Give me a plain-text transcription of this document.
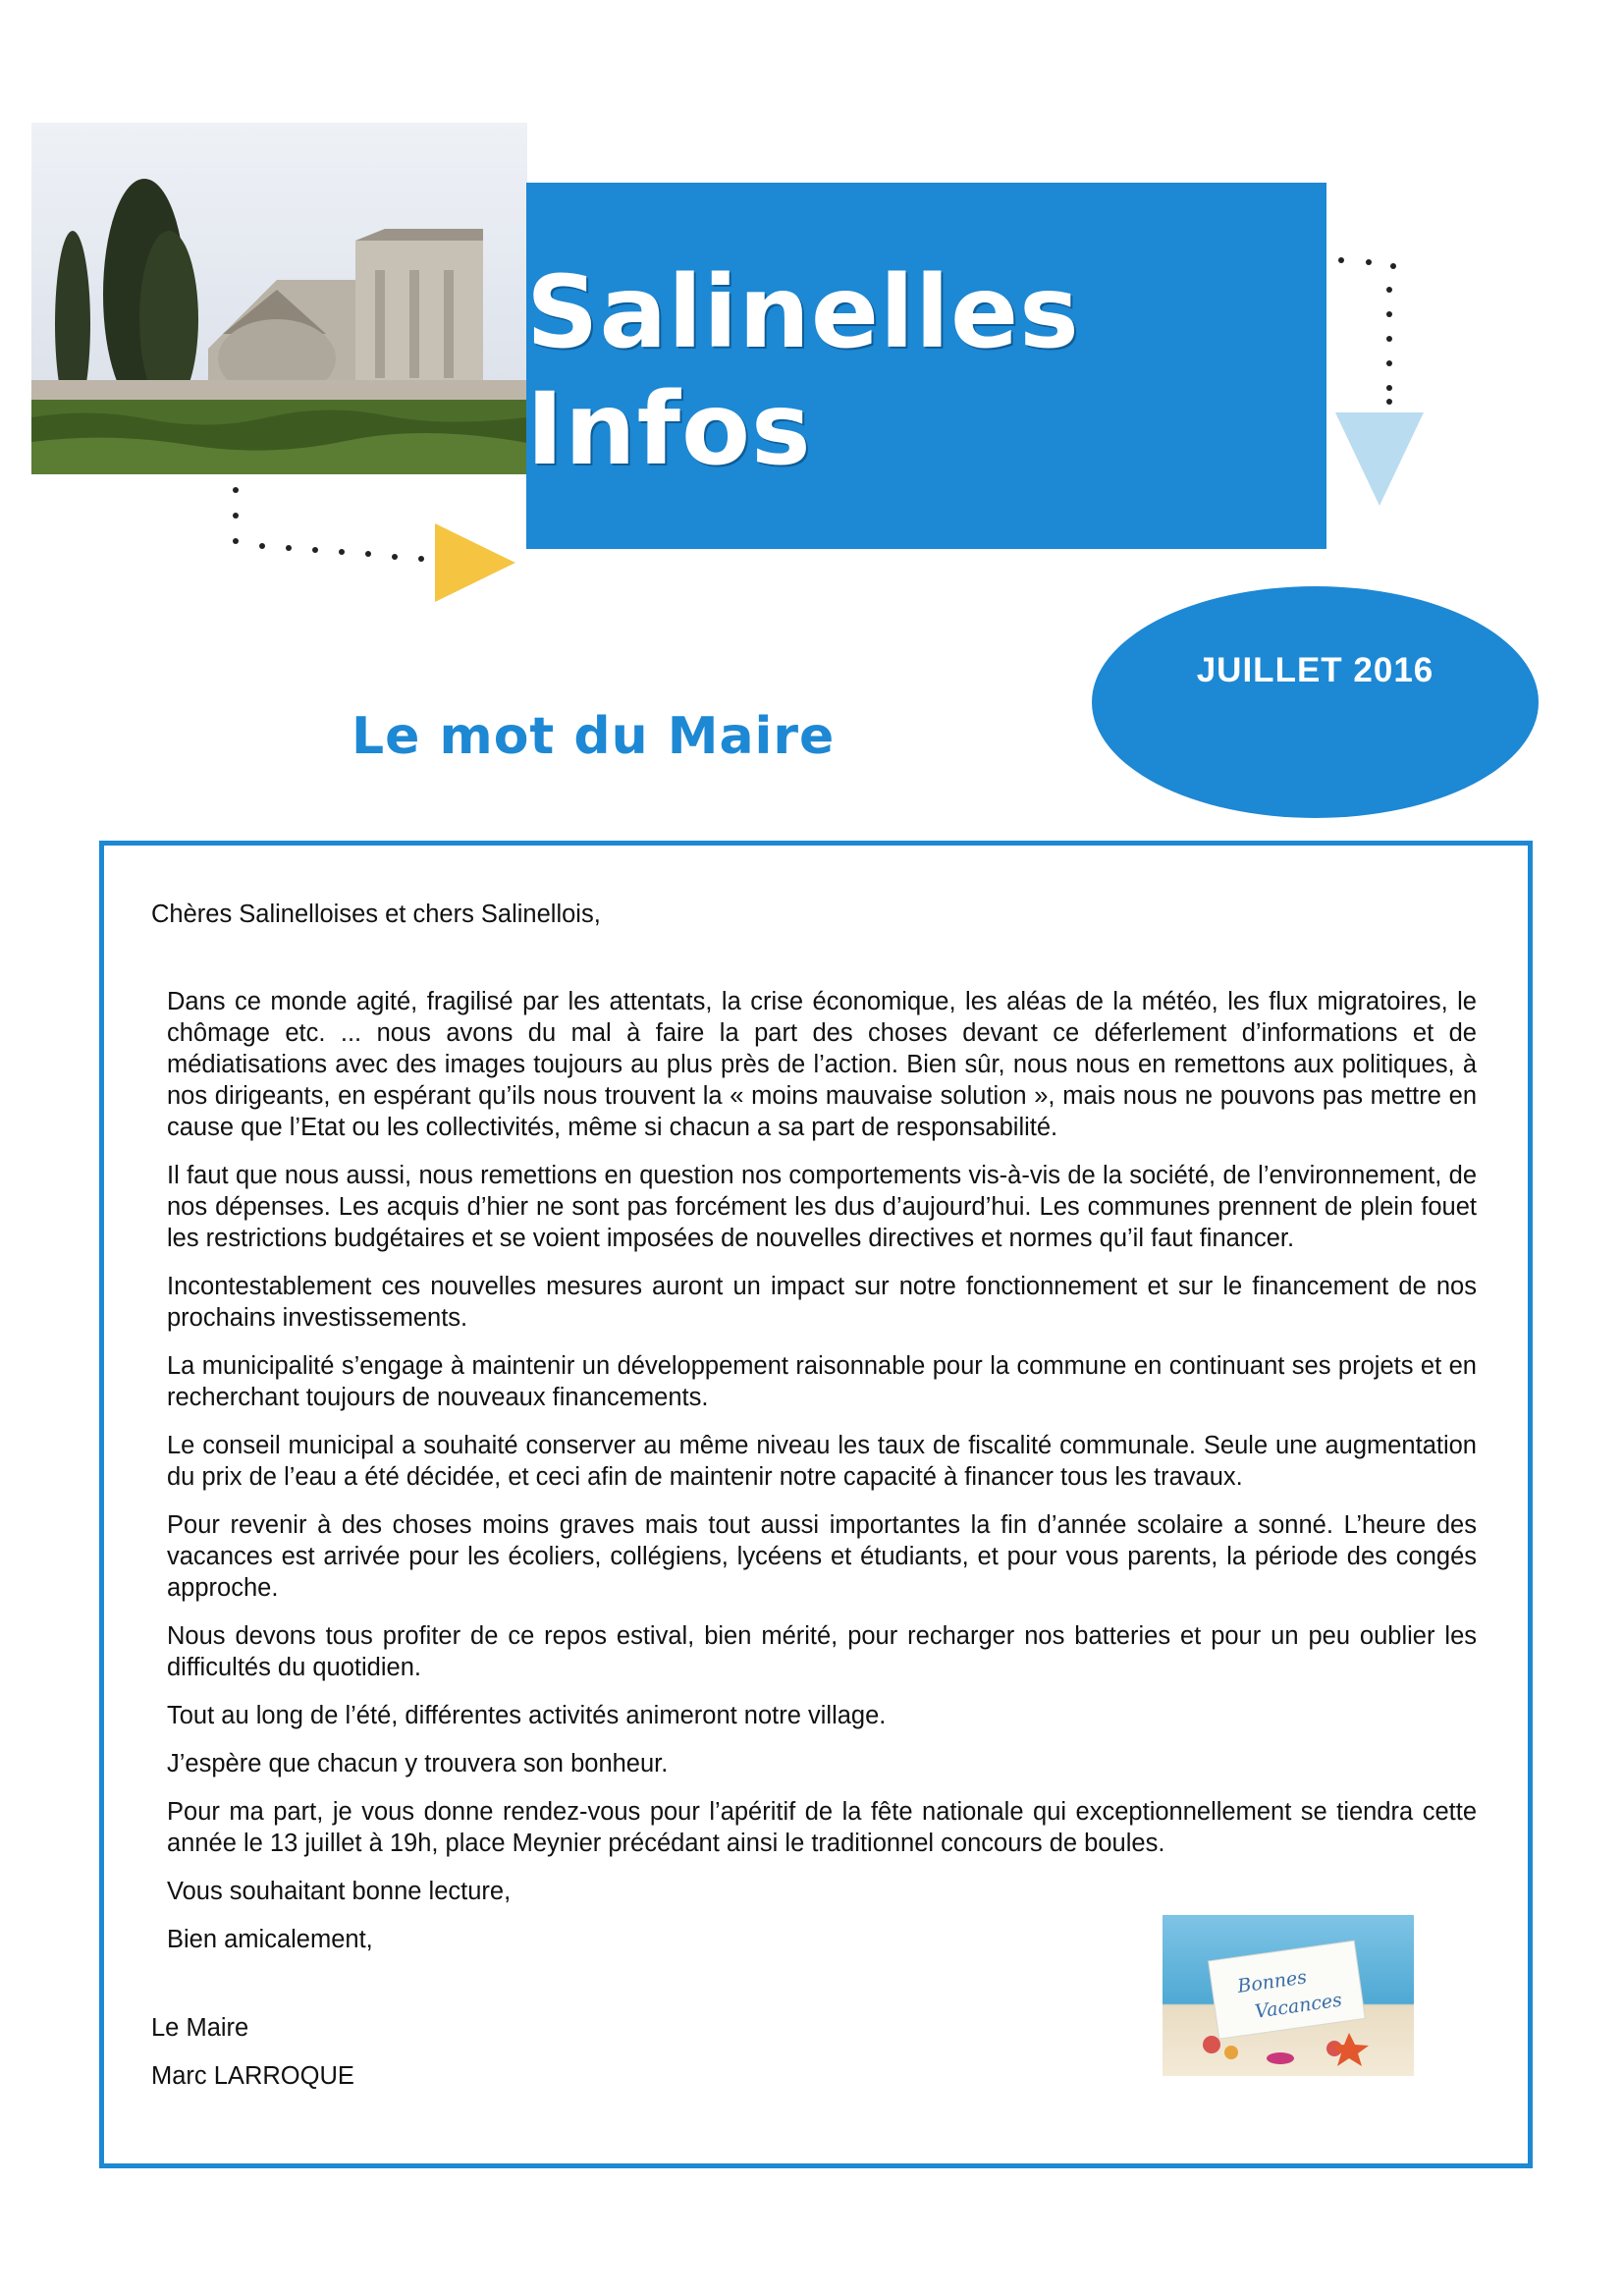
Salinelles Infos
JUILLET 2016
Le mot du Maire

Chères Salinelloises et chers Salinellois,

Dans ce monde agité, fragilisé par les attentats, la crise économique, les aléas de la météo, les flux migratoires, le chômage etc. ... nous avons du mal à faire la part des choses devant ce déferlement d’informations et de médiatisations avec des images toujours au plus près de l’action. Bien sûr, nous nous en remettons aux politiques, à nos dirigeants, en espérant qu’ils nous trouvent la « moins mauvaise solution », mais nous ne pouvons pas mettre en cause que l’Etat ou les collectivités, même si chacun a sa part de responsabilité.

Il faut que nous aussi, nous remettions en question nos comportements vis-à-vis de la société, de l’environnement, de nos dépenses. Les acquis d’hier ne sont pas forcément les dus d’aujourd’hui. Les communes prennent de plein fouet les restrictions budgétaires et se voient imposées de nouvelles directives et normes qu’il faut financer.

Incontestablement ces nouvelles mesures auront un impact sur notre fonctionnement et sur le financement de nos prochains investissements.

La municipalité s’engage à maintenir un développement raisonnable pour la commune en continuant ses projets et en recherchant toujours de nouveaux financements.

Le conseil municipal a souhaité conserver au même niveau les taux de fiscalité communale. Seule une augmentation du prix de l’eau a été décidée, et ceci afin de maintenir notre capacité à financer tous les travaux.

Pour revenir à des choses moins graves mais tout aussi importantes la fin d’année scolaire a sonné. L’heure des vacances est arrivée pour les écoliers, collégiens, lycéens et étudiants, et pour vous parents, la période des congés approche.

Nous devons tous profiter de ce repos estival, bien mérité, pour recharger nos batteries et pour un peu oublier les difficultés du quotidien.

Tout au long de l’été, différentes activités animeront notre village.

J’espère que chacun y trouvera son bonheur.

Pour ma part, je vous donne rendez-vous pour l’apéritif de la fête nationale qui exceptionnellement se tiendra cette année le 13 juillet à 19h, place Meynier précédant ainsi le traditionnel concours de boules.

Vous souhaitant bonne lecture,

Bien amicalement,

Le Maire

Marc LARROQUE

Bonnes
Vacances
